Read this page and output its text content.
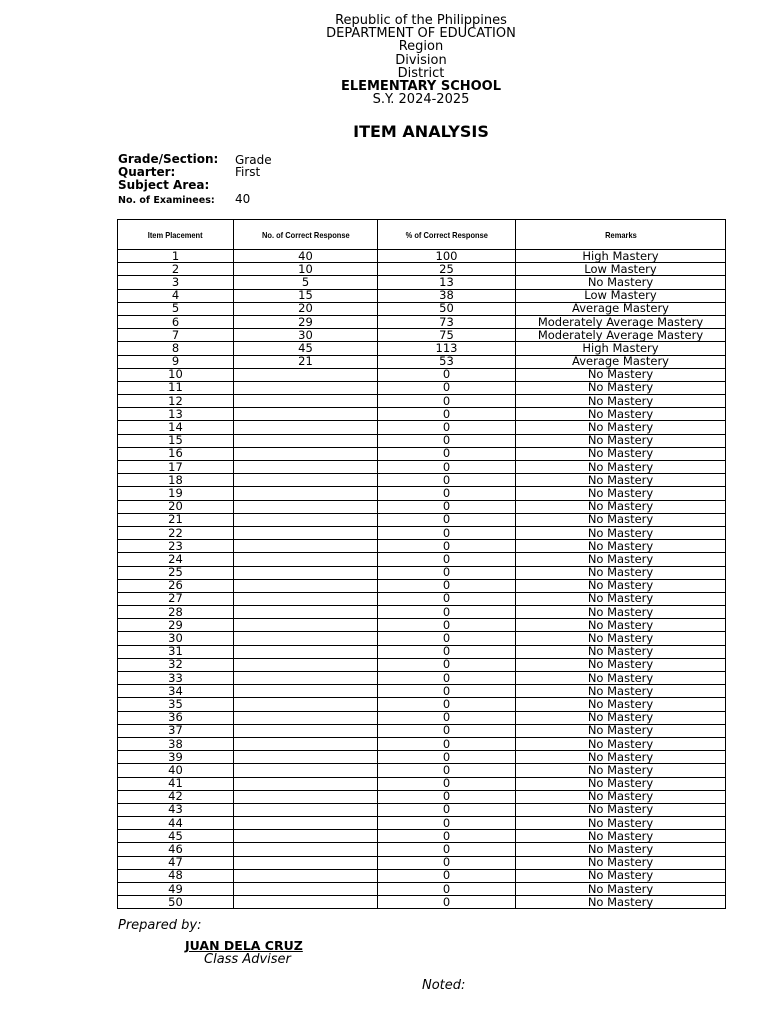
Republic of the Philippines
DEPARTMENT OF EDUCATION
Region
Division
District
ELEMENTARY SCHOOL
S.Y. 2024-2025
ITEM ANALYSIS
Grade/Section: Grade
Quarter:	First
Subject Area:
No. of Examinees: 40
Item Placement	No. of Correct Response	% of Correct Response	Remarks
1	40	100	High Mastery
2	10	25	Low Mastery
3	5	13	No Mastery
4	15	38	Low Mastery
5	20	50	Average Mastery
6	29	73	Moderately Average Mastery
7	30	75	Moderately Average Mastery
8	45	113	High Mastery
9	21	53	Average Mastery
10		0	No Mastery
11		0	No Mastery
12		0	No Mastery
13		0	No Mastery
14		0	No Mastery
15		0	No Mastery
16		0	No Mastery
17		0	No Mastery
18		0	No Mastery
19		0	No Mastery
20		0	No Mastery
21		0	No Mastery
22		0	No Mastery
23		0	No Mastery
24		0	No Mastery
25		0	No Mastery
26		0	No Mastery
27		0	No Mastery
28		0	No Mastery
29		0	No Mastery
30		0	No Mastery
31		0	No Mastery
32		0	No Mastery
33		0	No Mastery
34		0	No Mastery
35		0	No Mastery
36		0	No Mastery
37		0	No Mastery
38		0	No Mastery
39		0	No Mastery
40		0	No Mastery
41		0	No Mastery
42		0	No Mastery
43		0	No Mastery
44		0	No Mastery
45		0	No Mastery
46		0	No Mastery
47		0	No Mastery
48		0	No Mastery
49		0	No Mastery
50		0	No Mastery
Prepared by:
JUAN DELA CRUZ
Class Adviser
Noted:
